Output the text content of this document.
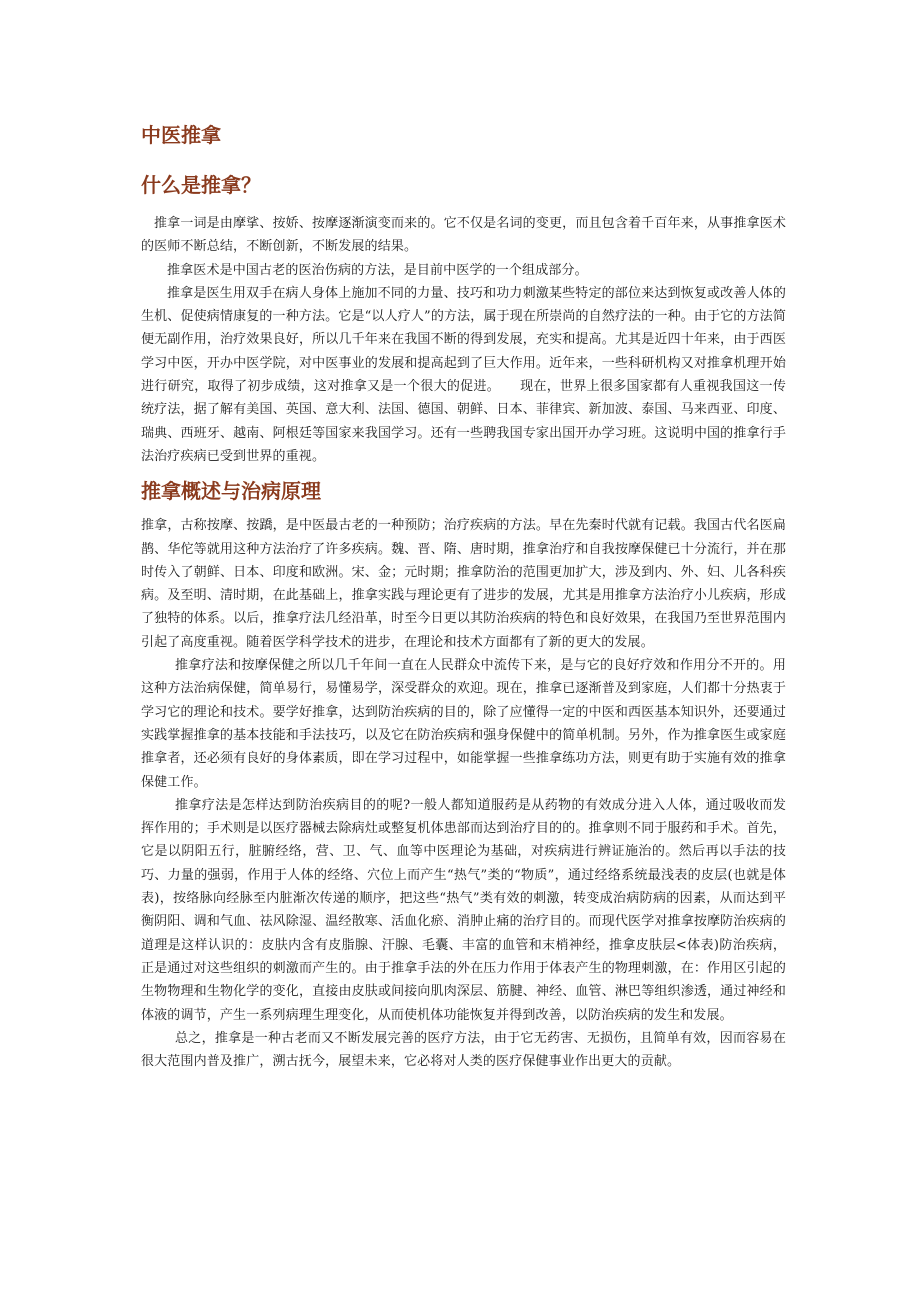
中医推拿
什么是推拿？

推拿一词是由摩挲、按娇、按摩逐渐演变而来的。它不仅是名词的变更，而且包含着千百年来，从事推拿医术的医师不断总结，不断创新，不断发展的结果。

推拿医术是中国古老的医治伤病的方法，是目前中医学的一个组成部分。

推拿是医生用双手在病人身体上施加不同的力量、技巧和功力刺激某些特定的部位来达到恢复或改善人体的生机、促使病情康复的一种方法。它是“以人疗人”的方法，属于现在所崇尚的自然疗法的一种。由于它的方法简便无副作用，治疗效果良好，所以几千年来在我国不断的得到发展，充实和提高。尤其是近四十年来，由于西医学习中医，开办中医学院，对中医事业的发展和提高起到了巨大作用。近年来，一些科研机构又对推拿机理开始进行研究，取得了初步成绩，这对推拿又是一个很大的促进。　　现在，世界上很多国家都有人重视我国这一传统疗法，据了解有美国、英国、意大利、法国、德国、朝鲜、日本、菲律宾、新加波、泰国、马来西亚、印度、瑞典、西班牙、越南、阿根廷等国家来我国学习。还有一些聘我国专家出国开办学习班。这说明中国的推拿行手法治疗疾病已受到世界的重视。

推拿概述与治病原理

推拿，古称按摩、按蹻，是中医最古老的一种预防；治疗疾病的方法。早在先秦时代就有记载。我国古代名医扁鹊、华佗等就用这种方法治疗了许多疾病。魏、晋、隋、唐时期，推拿治疗和自我按摩保健已十分流行，并在那时传入了朝鲜、日本、印度和欧洲。宋、金；元时期；推拿防治的范围更加扩大，涉及到内、外、妇、儿各科疾病。及至明、清时期，在此基础上，推拿实践与理论更有了进步的发展，尤其是用推拿方法治疗小儿疾病，形成了独特的体系。以后，推拿疗法几经沿革，时至今日更以其防治疾病的特色和良好效果，在我国乃至世界范围内引起了高度重视。随着医学科学技术的进步，在理论和技术方面都有了新的更大的发展。

推拿疗法和按摩保健之所以几千年间一直在人民群众中流传下来，是与它的良好疗效和作用分不开的。用这种方法治病保健，简单易行，易懂易学，深受群众的欢迎。现在，推拿已逐渐普及到家庭，人们都十分热衷于学习它的理论和技术。要学好推拿，达到防治疾病的目的，除了应懂得一定的中医和西医基本知识外，还要通过实践掌握推拿的基本技能和手法技巧，以及它在防治疾病和强身保健中的简单机制。另外，作为推拿医生或家庭推拿者，还必须有良好的身体素质，即在学习过程中，如能掌握一些推拿练功方法，则更有助于实施有效的推拿保健工作。

推拿疗法是怎样达到防治疾病目的的呢?一般人都知道服药是从药物的有效成分进入人体，通过吸收而发挥作用的；手术则是以医疗器械去除病灶或整复机体患部而达到治疗目的的。推拿则不同于服药和手术。首先，它是以阴阳五行，脏腑经络，营、卫、气、血等中医理论为基础，对疾病进行辨证施治的。然后再以手法的技巧、力量的强弱，作用于人体的经络、穴位上而产生“热气”类的“物质”，通过经络系统最浅表的皮层(也就是体表)，按络脉向经脉至内脏渐次传递的顺序，把这些“热气”类有效的刺激，转变成治病防病的因素，从而达到平衡阴阳、调和气血、祛风除湿、温经散寒、活血化瘀、消肿止痛的治疗目的。而现代医学对推拿按摩防治疾病的道理是这样认识的：皮肤内含有皮脂腺、汗腺、毛囊、丰富的血管和末梢神经，推拿皮肤层<体表)防治疾病，正是通过对这些组织的刺激而产生的。由于推拿手法的外在压力作用于体表产生的物理刺激，在：作用区引起的生物物理和生物化学的变化，直接由皮肤或间接向肌肉深层、筋腱、神经、血管、淋巴等组织渗透，通过神经和体液的调节，产生一系列病理生理变化，从而使机体功能恢复并得到改善，以防治疾病的发生和发展。

总之，推拿是一种古老而又不断发展完善的医疗方法，由于它无药害、无损伤，且简单有效，因而容易在很大范围内普及推广，溯古抚今，展望未来，它必将对人类的医疗保健事业作出更大的贡献。
